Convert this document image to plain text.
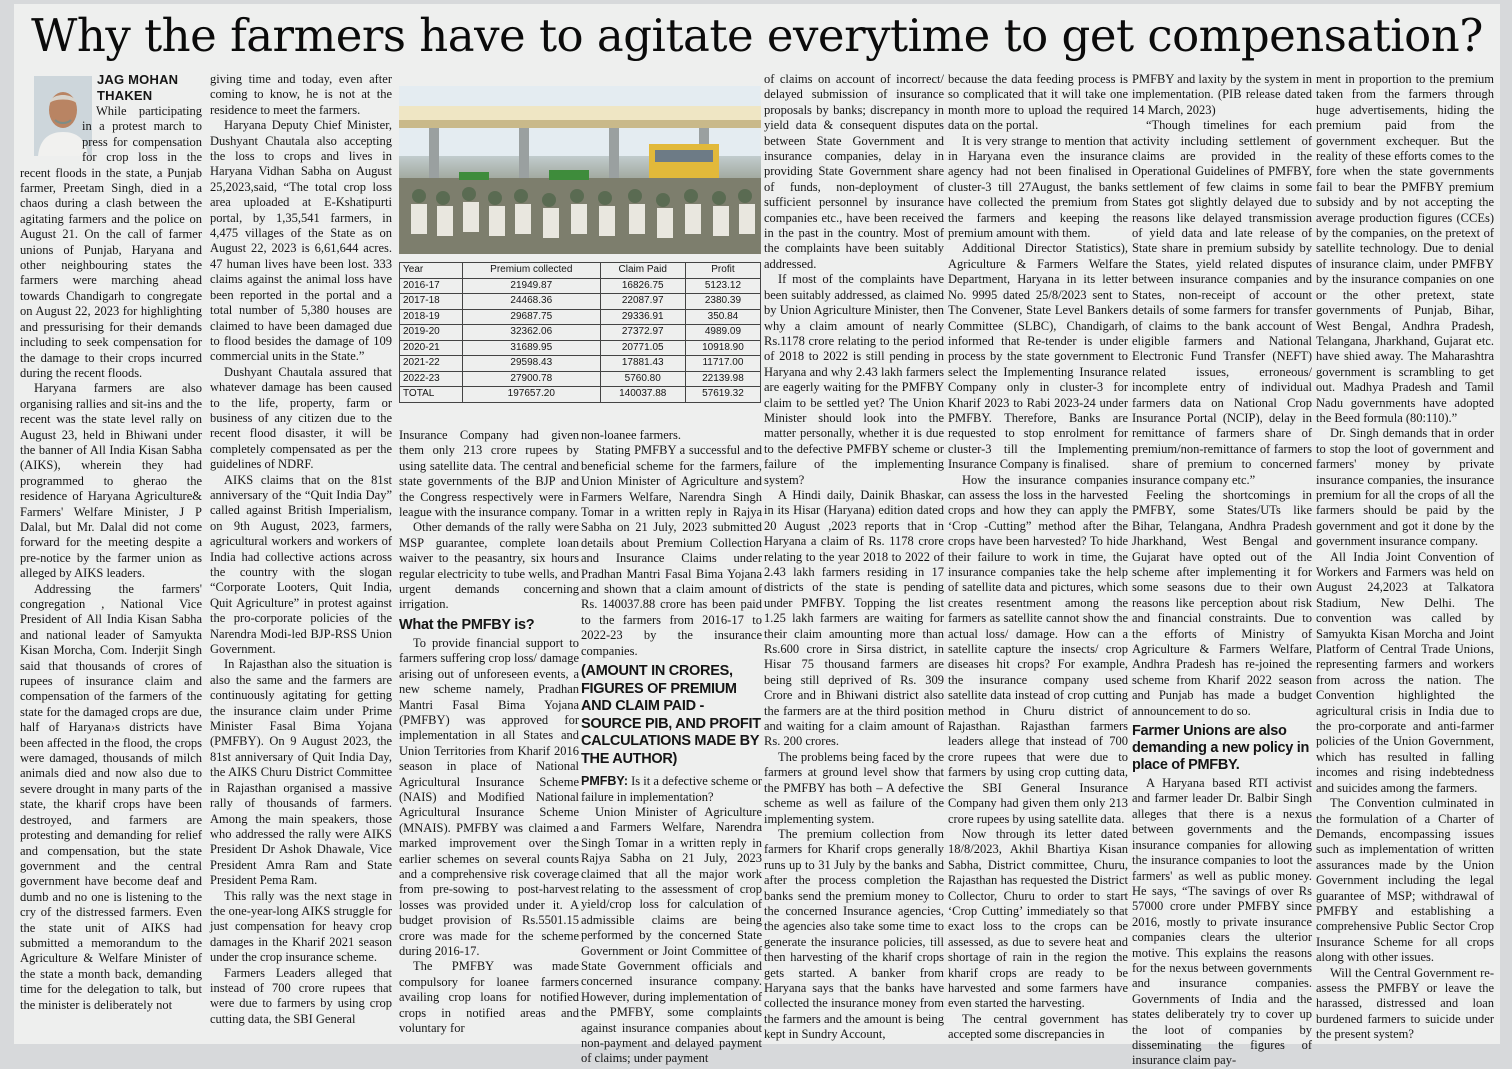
Why the farmers have to agitate everytime to get compensation?
JAG MOHAN
THAKEN

While participating in a protest march to press for compensation for crop loss in the recent floods in the state, a Punjab farmer, Preetam Singh, died in a chaos during a clash between the agitating farmers and the police on August 21. On the call of farmer unions of Punjab, Haryana and other neighbouring states the farmers were marching ahead towards Chandigarh to congregate on August 22, 2023 for highlighting and pressurising for their demands including to seek compensation for the damage to their crops incurred during the recent floods.

Haryana farmers are also organising rallies and sit-ins and the recent was the state level rally on August 23, held in Bhiwani under the banner of All India Kisan Sabha (AIKS), wherein they had programmed to gherao the residence of Haryana Agriculture& Farmers' Welfare Minister, J P Dalal, but Mr. Dalal did not come forward for the meeting despite a pre-notice by the farmer union as alleged by AIKS leaders.

Addressing the farmers' congregation , National Vice President of All India Kisan Sabha and national leader of Samyukta Kisan Morcha, Com. Inderjit Singh said that thousands of crores of rupees of insurance claim and compensation of the farmers of the state for the damaged crops are due, half of Haryana›s districts have been affected in the flood, the crops were damaged, thousands of milch animals died and now also due to severe drought in many parts of the state, the kharif crops have been destroyed, and farmers are protesting and demanding for relief and compensation, but the state government and the central government have become deaf and dumb and no one is listening to the cry of the distressed farmers. Even the state unit of AIKS had submitted a memorandum to the Agriculture & Welfare Minister of the state a month back, demanding time for the delegation to talk, but the minister is deliberately not

giving time and today, even after coming to know, he is not at the residence to meet the farmers.

Haryana Deputy Chief Minister, Dushyant Chautala also accepting the loss to crops and lives in Haryana Vidhan Sabha on August 25,2023,said, “The total crop loss area uploaded at E-Kshatipurti portal, by 1,35,541 farmers, in 4,475 villages of the State as on August 22, 2023 is 6,61,644 acres. 47 human lives have been lost. 333 claims against the animal loss have been reported in the portal and a total number of 5,380 houses are claimed to have been damaged due to flood besides the damage of 109 commercial units in the State.”

Dushyant Chautala assured that whatever damage has been caused to the life, property, farm or business of any citizen due to the recent flood disaster, it will be completely compensated as per the guidelines of NDRF.

AIKS claims that on the 81st anniversary of the “Quit India Day” called against British Imperialism, on 9th August, 2023, farmers, agricultural workers and workers of India had collective actions across the country with the slogan “Corporate Looters, Quit India, Quit Agriculture” in protest against the pro-corporate policies of the Narendra Modi-led BJP-RSS Union Government.

In Rajasthan also the situation is also the same and the farmers are continuously agitating for getting the insurance claim under Prime Minister Fasal Bima Yojana (PMFBY). On 9 August 2023, the 81st anniversary of Quit India Day, the AIKS Churu District Committee in Rajasthan organised a massive rally of thousands of farmers. Among the main speakers, those who addressed the rally were AIKS President Dr Ashok Dhawale, Vice President Amra Ram and State President Pema Ram.

This rally was the next stage in the one-year-long AIKS struggle for just compensation for heavy crop damages in the Kharif 2021 season under the crop insurance scheme.

Farmers Leaders alleged that instead of 700 crore rupees that were due to farmers by using crop cutting data, the SBI General

Year	Premium collected	Claim Paid	Profit
2016-17	21949.87	16826.75	5123.12
2017-18	24468.36	22087.97	2380.39
2018-19	29687.75	29336.91	350.84
2019-20	32362.06	27372.97	4989.09
2020-21	31689.95	20771.05	10918.90
2021-22	29598.43	17881.43	11717.00
2022-23	27900.78	5760.80	22139.98
TOTAL	197657.20	140037.88	57619.32

Insurance Company had given them only 213 crore rupees by using satellite data. The central and state governments of the BJP and the Congress respectively were in league with the insurance company.

Other demands of the rally were MSP guarantee, complete loan waiver to the peasantry, six hours regular electricity to tube wells, and urgent demands concerning irrigation.

What the PMFBY is?

To provide financial support to farmers suffering crop loss/ damage arising out of unforeseen events, a new scheme namely, Pradhan Mantri Fasal Bima Yojana (PMFBY) was approved for implementation in all States and Union Territories from Kharif 2016 season in place of National Agricultural Insurance Scheme (NAIS) and Modified National Agricultural Insurance Scheme (MNAIS). PMFBY was claimed a marked improvement over the earlier schemes on several counts and a comprehensive risk coverage from pre-sowing to post-harvest losses was provided under it. A budget provision of Rs.5501.15 crore was made for the scheme during 2016-17.

The PMFBY was made compulsory for loanee farmers availing crop loans for notified crops in notified areas and voluntary for

non-loanee farmers.

Stating PMFBY a successful and beneficial scheme for the farmers, Union Minister of Agriculture and Farmers Welfare, Narendra Singh Tomar in a written reply in Rajya Sabha on 21 July, 2023 submitted details about Premium Collection and Insurance Claims under Pradhan Mantri Fasal Bima Yojana and shown that a claim amount of Rs. 140037.88 crore has been paid to the farmers from 2016-17 to 2022-23 by the insurance companies.

(AMOUNT IN CRORES, FIGURES OF PREMIUM AND CLAIM PAID -SOURCE PIB, AND PROFIT CALCULATIONS MADE BY THE AUTHOR)

PMFBY: Is it a defective scheme or failure in implementation?

Union Minister of Agriculture and Farmers Welfare, Narendra Singh Tomar in a written reply in Rajya Sabha on 21 July, 2023 claimed that all the major work relating to the assessment of crop yield/crop loss for calculation of admissible claims are being performed by the concerned State Government or Joint Committee of State Government officials and concerned insurance company. However, during implementation of the PMFBY, some complaints against insurance companies about non-payment and delayed payment of claims; under payment

of claims on account of incorrect/ delayed submission of insurance proposals by banks; discrepancy in yield data & consequent disputes between State Government and insurance companies, delay in providing State Government share of funds, non-deployment of sufficient personnel by insurance companies etc., have been received in the past in the country. Most of the complaints have been suitably addressed.

If most of the complaints have been suitably addressed, as claimed by Union Agriculture Minister, then why a claim amount of nearly Rs.1178 crore relating to the period of 2018 to 2022 is still pending in Haryana and why 2.43 lakh farmers are eagerly waiting for the PMFBY claim to be settled yet? The Union Minister should look into the matter personally, whether it is due to the defective PMFBY scheme or failure of the implementing system?

A Hindi daily, Dainik Bhaskar, in its Hisar (Haryana) edition dated 20 August ,2023 reports that in Haryana a claim of Rs. 1178 crore relating to the year 2018 to 2022 of 2.43 lakh farmers residing in 17 districts of the state is pending under PMFBY. Topping the list 1.25 lakh farmers are waiting for their claim amounting more than Rs.600 crore in Sirsa district, in Hisar 75 thousand farmers are being still deprived of Rs. 309 Crore and in Bhiwani district also the farmers are at the third position and waiting for a claim amount of Rs. 200 crores.

The problems being faced by the farmers at ground level show that the PMFBY has both – A defective scheme as well as failure of the implementing system.

The premium collection from farmers for Kharif crops generally runs up to 31 July by the banks and after the process completion the banks send the premium money to the concerned Insurance agencies, the agencies also take some time to generate the insurance policies, till then harvesting of the kharif crops gets started. A banker from Haryana says that the banks have collected the insurance money from the farmers and the amount is being kept in Sundry Account,

because the data feeding process is so complicated that it will take one month more to upload the required data on the portal.

It is very strange to mention that in Haryana even the insurance agency had not been finalised in cluster-3 till 27August, the banks have collected the premium from the farmers and keeping the premium amount with them.

Additional Director Statistics), Agriculture & Farmers Welfare Department, Haryana in its letter No. 9995 dated 25/8/2023 sent to The Convener, State Level Bankers Committee (SLBC), Chandigarh, informed that Re-tender is under process by the state government to select the Implementing Insurance Company only in cluster-3 for Kharif 2023 to Rabi 2023-24 under PMFBY. Therefore, Banks are requested to stop enrolment for cluster-3 till the Implementing Insurance Company is finalised.

How the insurance companies can assess the loss in the harvested crops and how they can apply the ‘Crop -Cutting” method after the crops have been harvested? To hide their failure to work in time, the insurance companies take the help of satellite data and pictures, which creates resentment among the farmers as satellite cannot show the actual loss/ damage. How can a satellite capture the insects/ crop diseases hit crops? For example, the insurance company used satellite data instead of crop cutting method in Churu district of Rajasthan. Rajasthan farmers leaders allege that instead of 700 crore rupees that were due to farmers by using crop cutting data, the SBI General Insurance Company had given them only 213 crore rupees by using satellite data.

Now through its letter dated 18/8/2023, Akhil Bhartiya Kisan Sabha, District committee, Churu, Rajasthan has requested the District Collector, Churu to order to start ‘Crop Cutting’ immediately so that exact loss to the crops can be assessed, as due to severe heat and shortage of rain in the region the kharif crops are ready to be harvested and some farmers have even started the harvesting.

The central government has accepted some discrepancies in

PMFBY and laxity by the system in implementation. (PIB release dated 14 March, 2023)

“Though timelines for each activity including settlement of claims are provided in the Operational Guidelines of PMFBY, settlement of few claims in some States got slightly delayed due to reasons like delayed transmission of yield data and late release of State share in premium subsidy by the States, yield related disputes between insurance companies and States, non-receipt of account details of some farmers for transfer of claims to the bank account of eligible farmers and National Electronic Fund Transfer (NEFT) related issues, erroneous/ incomplete entry of individual farmers data on National Crop Insurance Portal (NCIP), delay in remittance of farmers share of premium/non-remittance of farmers share of premium to concerned insurance company etc.”

Feeling the shortcomings in PMFBY, some States/UTs like Bihar, Telangana, Andhra Pradesh Jharkhand, West Bengal and Gujarat have opted out of the scheme after implementing it for some seasons due to their own reasons like perception about risk and financial constraints. Due to the efforts of Ministry of Agriculture & Farmers Welfare, Andhra Pradesh has re-joined the scheme from Kharif 2022 season and Punjab has made a budget announcement to do so.

Farmer Unions are also demanding a new policy in place of PMFBY.

A Haryana based RTI activist and farmer leader Dr. Balbir Singh alleges that there is a nexus between governments and the insurance companies for allowing the insurance companies to loot the farmers' as well as public money. He says, “The savings of over Rs 57000 crore under PMFBY since 2016, mostly to private insurance companies clears the ulterior motive. This explains the reasons for the nexus between governments and insurance companies. Governments of India and the states deliberately try to cover up the loot of companies by disseminating the figures of insurance claim pay-

ment in proportion to the premium taken from the farmers through huge advertisements, hiding the premium paid from the government exchequer. But the reality of these efforts comes to the fore when the state governments fail to bear the PMFBY premium subsidy and by not accepting the average production figures (CCEs) by the companies, on the pretext of satellite technology. Due to denial of insurance claim, under PMFBY by the insurance companies on one or the other pretext, state governments of Punjab, Bihar, West Bengal, Andhra Pradesh, Telangana, Jharkhand, Gujarat etc. have shied away. The Maharashtra government is scrambling to get out. Madhya Pradesh and Tamil Nadu governments have adopted the Beed formula (80:110).”

Dr. Singh demands that in order to stop the loot of government and farmers' money by private insurance companies, the insurance premium for all the crops of all the farmers should be paid by the government and got it done by the government insurance company.

All India Joint Convention of Workers and Farmers was held on August 24,2023 at Talkatora Stadium, New Delhi. The convention was called by Samyukta Kisan Morcha and Joint Platform of Central Trade Unions, representing farmers and workers from across the nation. The Convention highlighted the agricultural crisis in India due to the pro-corporate and anti-farmer policies of the Union Government, which has resulted in falling incomes and rising indebtedness and suicides among the farmers.

The Convention culminated in the formulation of a Charter of Demands, encompassing issues such as implementation of written assurances made by the Union Government including the legal guarantee of MSP; withdrawal of PMFBY and establishing a comprehensive Public Sector Crop Insurance Scheme for all crops along with other issues.

Will the Central Government re-assess the PMFBY or leave the harassed, distressed and loan burdened farmers to suicide under the present system?
